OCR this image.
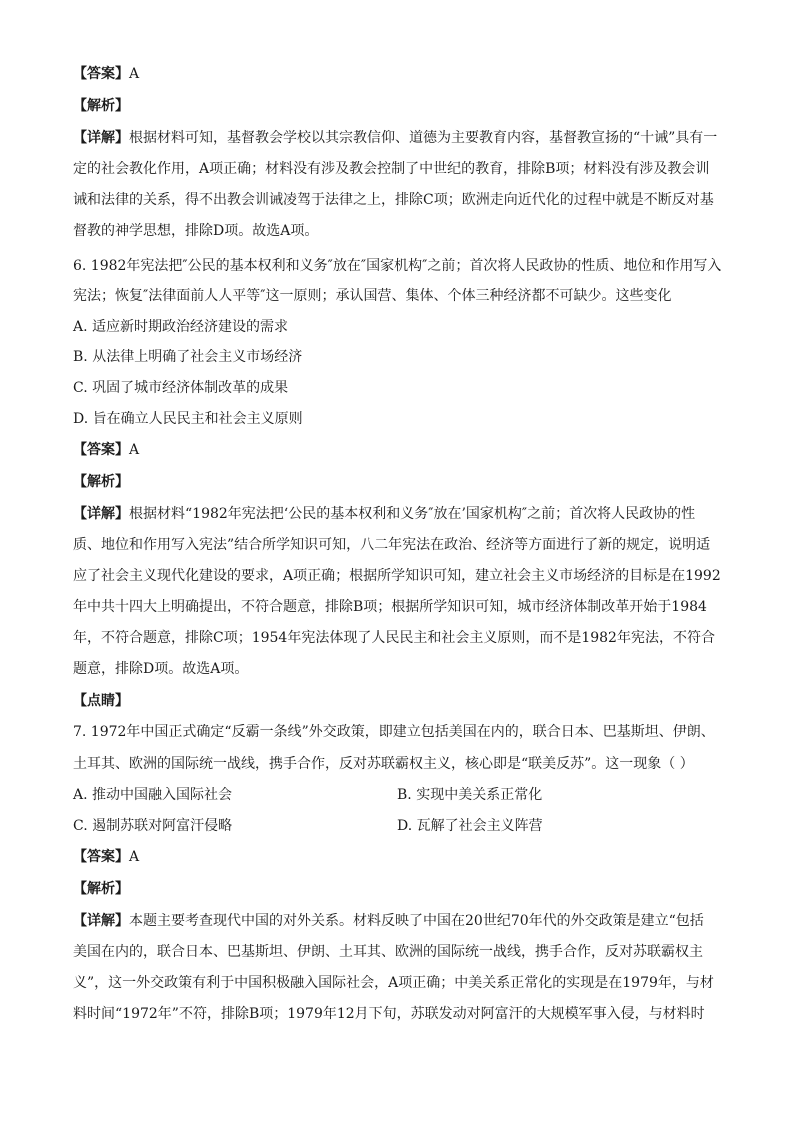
【答案】A
【解析】
【详解】根据材料可知，基督教会学校以其宗教信仰、道德为主要教育内容，基督教宣扬的“十诫”具有一
定的社会教化作用，A项正确；材料没有涉及教会控制了中世纪的教育，排除B项；材料没有涉及教会训
诫和法律的关系，得不出教会训诫凌驾于法律之上，排除C项；欧洲走向近代化的过程中就是不断反对基
督教的神学思想，排除D项。故选A项。
6. 1982年宪法把″公民的基本权利和义务″放在″国家机构″之前；首次将人民政协的性质、地位和作用写入
宪法；恢复″法律面前人人平等″这一原则；承认国营、集体、个体三种经济都不可缺少。这些变化
A. 适应新时期政治经济建设的需求
B. 从法律上明确了社会主义市场经济
C. 巩固了城市经济体制改革的成果
D. 旨在确立人民民主和社会主义原则
【答案】A
【解析】
【详解】根据材料“1982年宪法把‘公民的基本权利和义务″放在’国家机构″之前；首次将人民政协的性
质、地位和作用写入宪法”结合所学知识可知，八二年宪法在政治、经济等方面进行了新的规定，说明适
应了社会主义现代化建设的要求，A项正确；根据所学知识可知，建立社会主义市场经济的目标是在1992
年中共十四大上明确提出，不符合题意，排除B项；根据所学知识可知，城市经济体制改革开始于1984
年，不符合题意，排除C项；1954年宪法体现了人民民主和社会主义原则，而不是1982年宪法，不符合
题意，排除D项。故选A项。
【点睛】
7. 1972年中国正式确定“反霸一条线”外交政策，即建立包括美国在内的，联合日本、巴基斯坦、伊朗、
土耳其、欧洲的国际统一战线，携手合作，反对苏联霸权主义，核心即是“联美反苏”。这一现象（ ）
A. 推动中国融入国际社会	B. 实现中美关系正常化
C. 遏制苏联对阿富汗侵略	D. 瓦解了社会主义阵营
【答案】A
【解析】
【详解】本题主要考查现代中国的对外关系。材料反映了中国在20世纪70年代的外交政策是建立“包括
美国在内的，联合日本、巴基斯坦、伊朗、土耳其、欧洲的国际统一战线，携手合作，反对苏联霸权主
义”，这一外交政策有利于中国积极融入国际社会，A项正确；中美关系正常化的实现是在1979年，与材
料时间“1972年”不符，排除B项；1979年12月下旬，苏联发动对阿富汗的大规模军事入侵，与材料时
